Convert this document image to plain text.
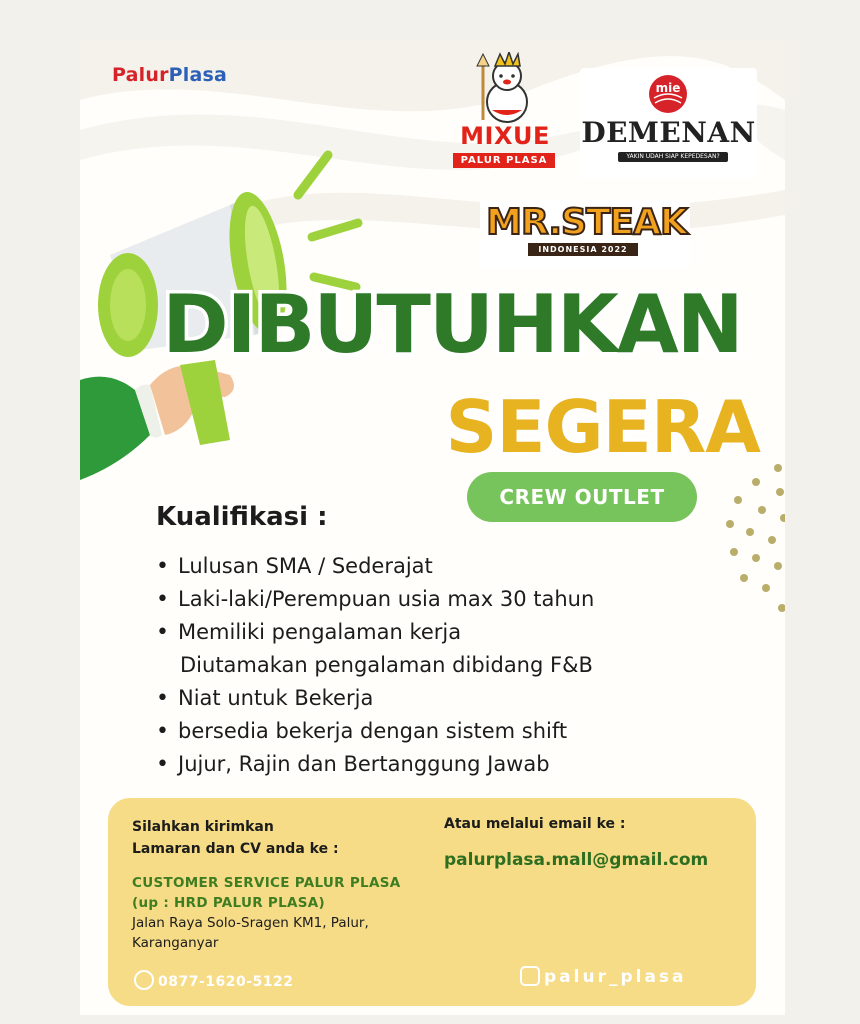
PalurPlasa
MIXUE
PALUR PLASA
mie
DEMENAN
YAKIN UDAH SIAP KEPEDESAN?
MR.STEAK
INDONESIA 2022
DIBUTUHKAN
SEGERA
CREW OUTLET
Kualifikasi :
• Lulusan SMA / Sederajat
• Laki-laki/Perempuan usia max 30 tahun
• Memiliki pengalaman kerja
Diutamakan pengalaman dibidang F&B
• Niat untuk Bekerja
• bersedia bekerja dengan sistem shift
• Jujur, Rajin dan Bertanggung Jawab
Silahkan kirimkan
Lamaran dan CV anda ke :
CUSTOMER SERVICE PALUR PLASA
(up : HRD PALUR PLASA)
Jalan Raya Solo-Sragen KM1, Palur,
Karanganyar
Atau melalui email ke :
palurplasa.mall@gmail.com
0877-1620-5122	palur_plasa
